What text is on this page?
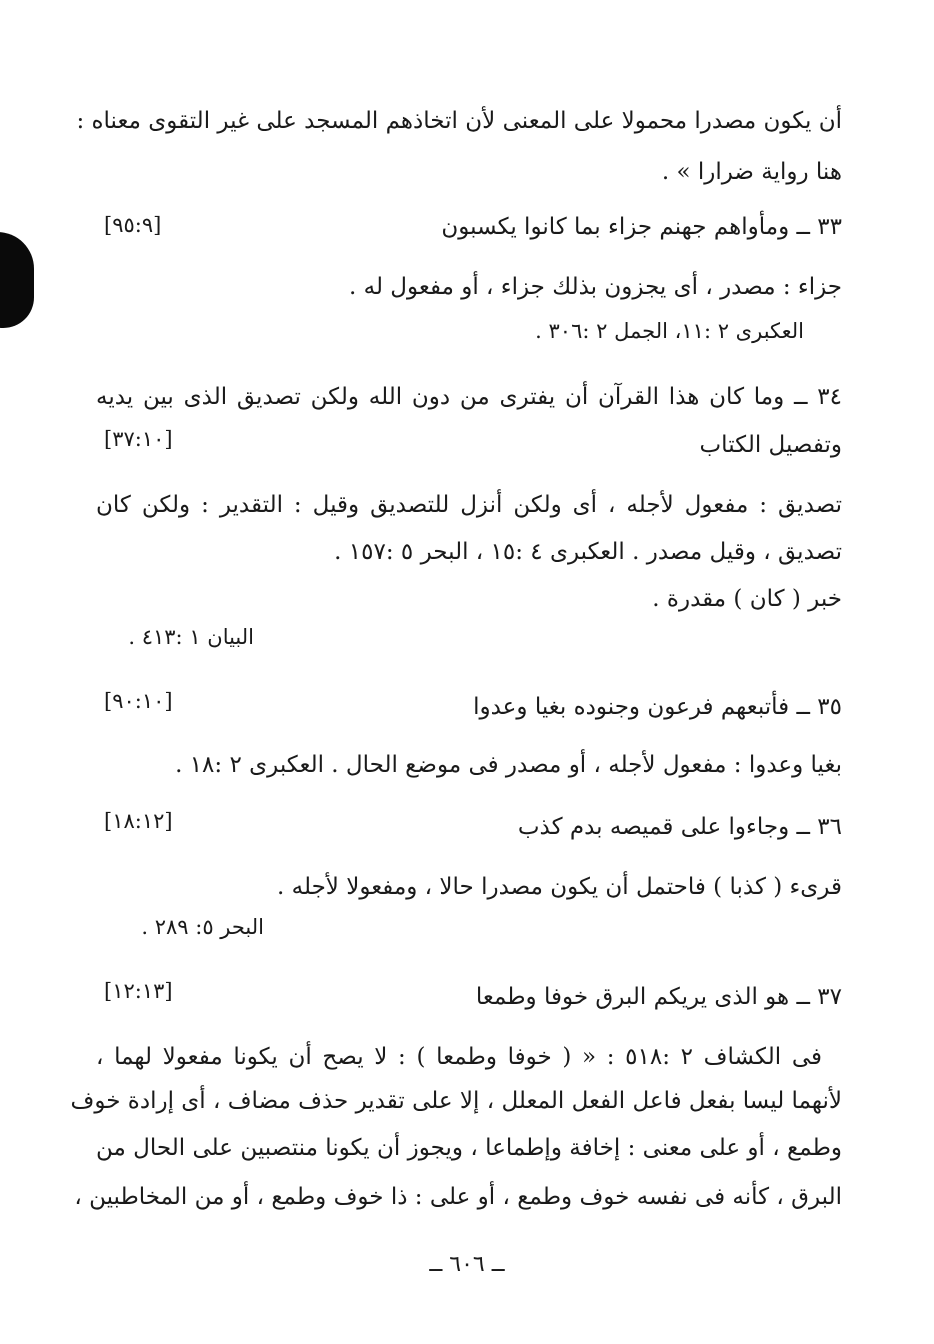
أن يكون مصدرا محمولا على المعنى لأن اتخاذهم المسجد على غير التقوى معناه :
هنا رواية ضرارا » .
٣٣ ــ ومأواهم جهنم جزاء بما كانوا يكسبون
[٩٥:٩]
جزاء : مصدر ، أى يجزون بذلك جزاء ، أو مفعول له .
العكبرى ٢ :١١، الجمل ٢ :٣٠٦ .
٣٤ ــ وما كان هذا القرآن أن يفترى من دون الله ولكن تصديق الذى بين يديه
وتفصيل الكتاب
[٣٧:١٠]
تصديق : مفعول لأجله ، أى ولكن أنزل للتصديق وقيل : التقدير : ولكن كان
تصديق ، وقيل مصدر . العكبرى ٤ :١٥ ، البحر ٥ :١٥٧ .
خبر ( كان ) مقدرة .
البيان ١ :٤١٣ .
٣٥ ــ فأتبعهم فرعون وجنوده بغيا وعدوا
[٩٠:١٠]
بغيا وعدوا : مفعول لأجله ، أو مصدر فى موضع الحال . العكبرى ٢ :١٨ .
٣٦ ــ وجاءوا على قميصه بدم كذب
[١٨:١٢]
قرىء ( كذبا ) فاحتمل أن يكون مصدرا حالا ، ومفعولا لأجله .
البحر ٥: ٢٨٩ .
٣٧ ــ هو الذى يريكم البرق خوفا وطمعا
[١٢:١٣]
فى الكشاف ٢ :٥١٨ : « ( خوفا وطمعا ) : لا يصح أن يكونا مفعولا لهما ،
لأنهما ليسا بفعل فاعل الفعل المعلل ، إلا على تقدير حذف مضاف ، أى إرادة خوف
وطمع ، أو على معنى : إخافة وإطماعا ، ويجوز أن يكونا منتصبين على الحال من
البرق ، كأنه فى نفسه خوف وطمع ، أو على : ذا خوف وطمع ، أو من المخاطبين ،
ــ ٦٠٦ ــ
